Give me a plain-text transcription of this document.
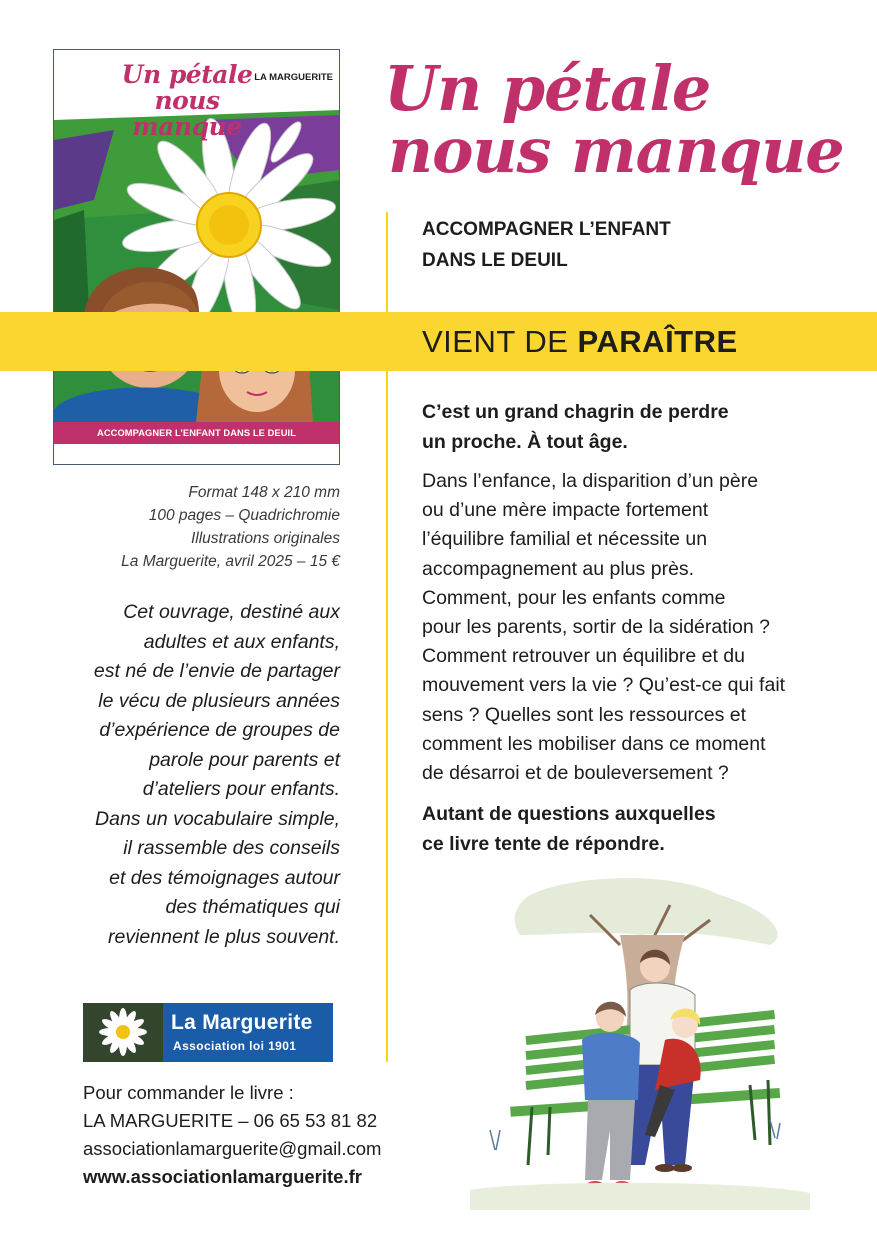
Un pétale
nous manque
LA MARGUERITE
ACCOMPAGNER L’ENFANT DANS LE DEUIL
Un pétale
nous manque
ACCOMPAGNER L’ENFANT
DANS LE DEUIL
VIENT DE PARAÎTRE
Format 148 x 210 mm
100 pages – Quadrichromie
Illustrations originales
La Marguerite, avril 2025 – 15 €
Cet ouvrage, destiné aux
adultes et aux enfants,
est né de l’envie de partager
le vécu de plusieurs années
d’expérience de groupes de
parole pour parents et
d’ateliers pour enfants.
Dans un vocabulaire simple,
il rassemble des conseils
et des témoignages autour
des thématiques qui
reviennent le plus souvent.
C’est un grand chagrin de perdre
un proche. À tout âge.
Dans l’enfance, la disparition d’un père
ou d’une mère impacte fortement
l’équilibre familial et nécessite un
accompagnement au plus près.
Comment, pour les enfants comme
pour les parents, sortir de la sidération ?
Comment retrouver un équilibre et du
mouvement vers la vie ? Qu’est-ce qui fait
sens ? Quelles sont les ressources et
comment les mobiliser dans ce moment
de désarroi et de bouleversement ?
Autant de questions auxquelles
ce livre tente de répondre.
La Marguerite
Association loi 1901
Pour commander le livre :
LA MARGUERITE – 06 65 53 81 82
associationlamarguerite@gmail.com
www.associationlamarguerite.fr
